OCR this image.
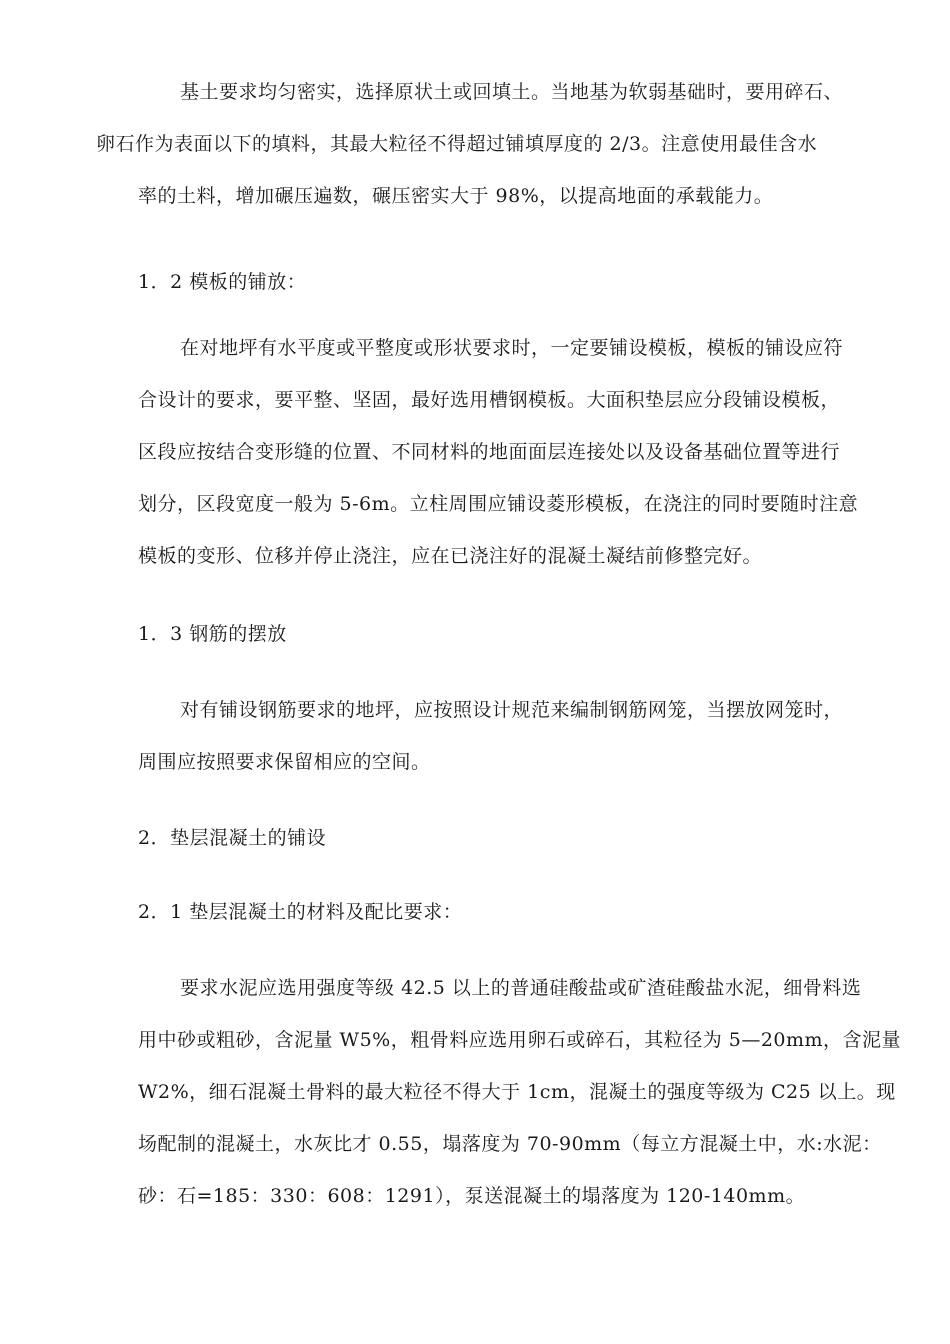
基土要求均匀密实，选择原状土或回填土。当地基为软弱基础时，要用碎石、
卵石作为表面以下的填料，其最大粒径不得超过铺填厚度的 2/3。注意使用最佳含水
率的土料，增加碾压遍数，碾压密实大于 98%，以提高地面的承载能力。
1．2 模板的铺放：
在对地坪有水平度或平整度或形状要求时，一定要铺设模板，模板的铺设应符
合设计的要求，要平整、坚固，最好选用槽钢模板。大面积垫层应分段铺设模板，
区段应按结合变形缝的位置、不同材料的地面面层连接处以及设备基础位置等进行
划分，区段宽度一般为 5-6m。立柱周围应铺设菱形模板，在浇注的同时要随时注意
模板的变形、位移并停止浇注，应在已浇注好的混凝土凝结前修整完好。
1．3 钢筋的摆放
对有铺设钢筋要求的地坪，应按照设计规范来编制钢筋网笼，当摆放网笼时，
周围应按照要求保留相应的空间。
2．垫层混凝土的铺设
2．1 垫层混凝土的材料及配比要求：
要求水泥应选用强度等级 42.5 以上的普通硅酸盐或矿渣硅酸盐水泥，细骨料选
用中砂或粗砂，含泥量 W5%，粗骨料应选用卵石或碎石，其粒径为 5—20mm，含泥量
W2%，细石混凝土骨料的最大粒径不得大于 1cm，混凝土的强度等级为 C25 以上。现
场配制的混凝土，水灰比才 0.55，塌落度为 70-90mm（每立方混凝土中，水:水泥：
砂：石=185：330：608：1291），泵送混凝土的塌落度为 120-140mm。
